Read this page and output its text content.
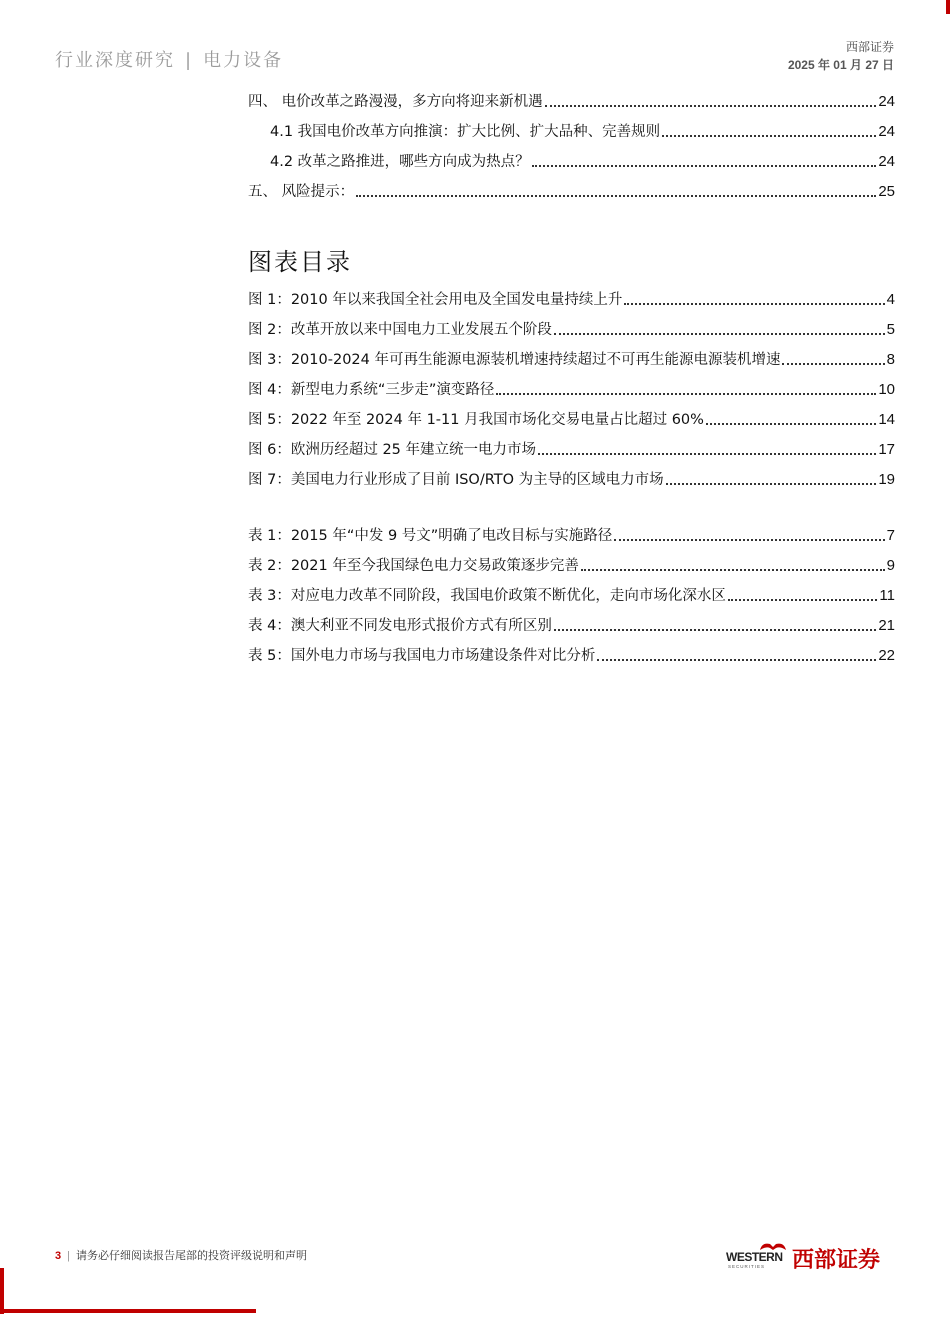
行业深度研究 | 电力设备
西部证券
2025 年 01 月 27 日
四、 电价改革之路漫漫，多方向将迎来新机遇	24
4.1 我国电价改革方向推演：扩大比例、扩大品种、完善规则	24
4.2 改革之路推进，哪些方向成为热点？	24
五、 风险提示：	25
图表目录
图 1：2010 年以来我国全社会用电及全国发电量持续上升	4
图 2：改革开放以来中国电力工业发展五个阶段	5
图 3：2010-2024 年可再生能源电源装机增速持续超过不可再生能源电源装机增速	8
图 4：新型电力系统“三步走”演变路径	10
图 5：2022 年至 2024 年 1-11 月我国市场化交易电量占比超过 60%	14
图 6：欧洲历经超过 25 年建立统一电力市场	17
图 7：美国电力行业形成了目前 ISO/RTO 为主导的区域电力市场	19
表 1：2015 年“中发 9 号文”明确了电改目标与实施路径	7
表 2：2021 年至今我国绿色电力交易政策逐步完善	9
表 3：对应电力改革不同阶段，我国电价政策不断优化，走向市场化深水区	11
表 4：澳大利亚不同发电形式报价方式有所区别	21
表 5：国外电力市场与我国电力市场建设条件对比分析	22
3 | 请务必仔细阅读报告尾部的投资评级说明和声明	WESTERN
SECURITIES 西部证券
